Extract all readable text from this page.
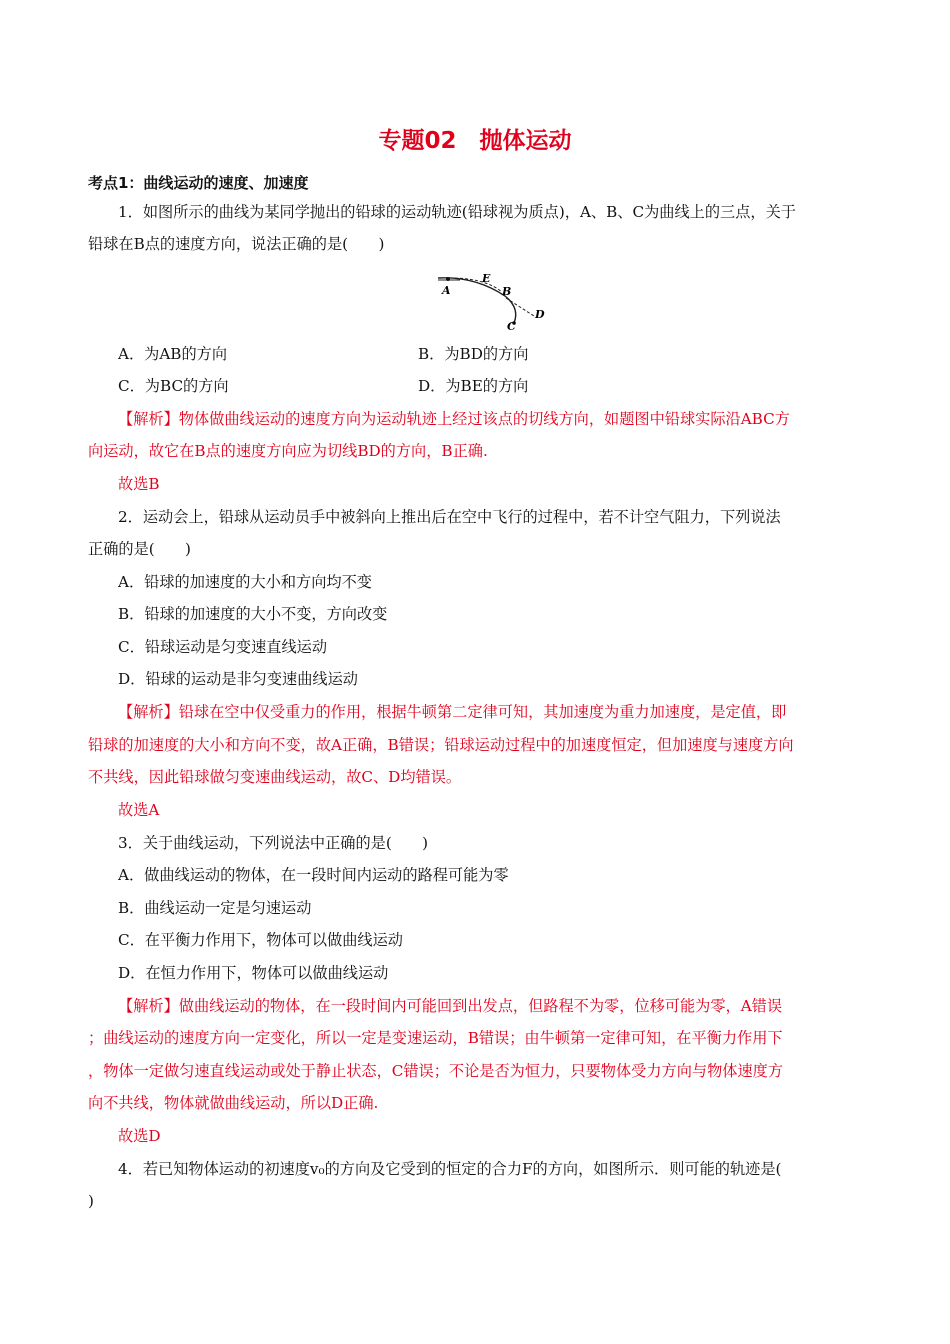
专题02　抛体运动
考点1：曲线运动的速度、加速度
1．如图所示的曲线为某同学抛出的铅球的运动轨迹(铅球视为质点)，A、B、C为曲线上的三点，关于
铅球在B点的速度方向，说法正确的是(　　)
A
E
B
C
D
A．为AB的方向	B．为BD的方向
C．为BC的方向	D．为BE的方向
【解析】物体做曲线运动的速度方向为运动轨迹上经过该点的切线方向，如题图中铅球实际沿ABC方
向运动，故它在B点的速度方向应为切线BD的方向，B正确.
故选B
2．运动会上，铅球从运动员手中被斜向上推出后在空中飞行的过程中，若不计空气阻力，下列说法
正确的是(　　)
A．铅球的加速度的大小和方向均不变
B．铅球的加速度的大小不变，方向改变
C．铅球运动是匀变速直线运动
D．铅球的运动是非匀变速曲线运动
【解析】铅球在空中仅受重力的作用，根据牛顿第二定律可知，其加速度为重力加速度，是定值，即
铅球的加速度的大小和方向不变，故A正确，B错误；铅球运动过程中的加速度恒定，但加速度与速度方向
不共线，因此铅球做匀变速曲线运动，故C、D均错误。
故选A
3．关于曲线运动，下列说法中正确的是(　　)
A．做曲线运动的物体，在一段时间内运动的路程可能为零
B．曲线运动一定是匀速运动
C．在平衡力作用下，物体可以做曲线运动
D．在恒力作用下，物体可以做曲线运动
【解析】做曲线运动的物体，在一段时间内可能回到出发点，但路程不为零，位移可能为零，A错误
；曲线运动的速度方向一定变化，所以一定是变速运动，B错误；由牛顿第一定律可知，在平衡力作用下
，物体一定做匀速直线运动或处于静止状态，C错误；不论是否为恒力，只要物体受力方向与物体速度方
向不共线，物体就做曲线运动，所以D正确.
故选D
4．若已知物体运动的初速度v₀的方向及它受到的恒定的合力F的方向，如图所示．则可能的轨迹是(
)
